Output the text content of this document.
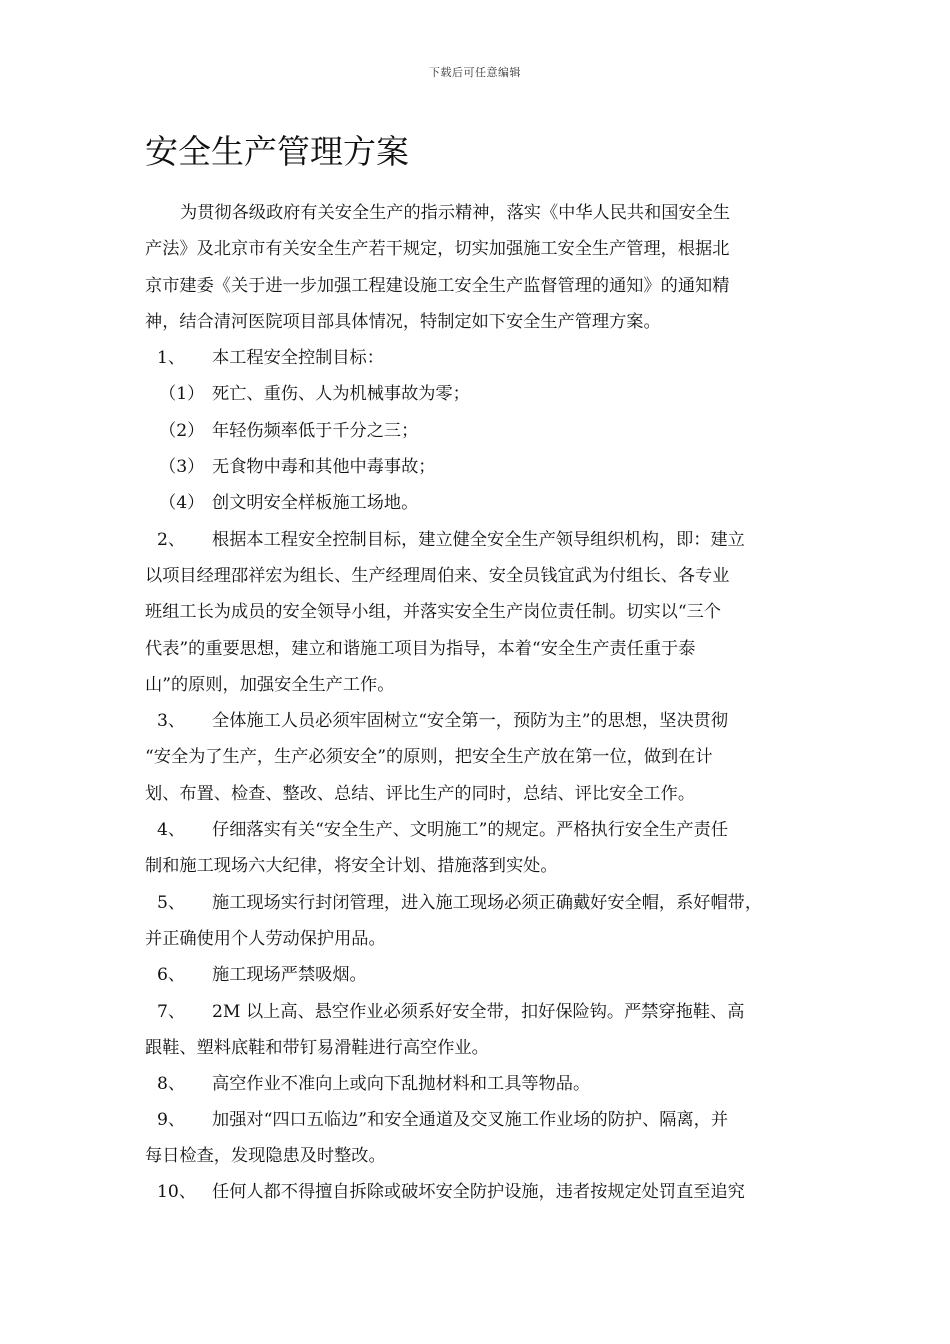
下载后可任意编辑
安全生产管理方案
为贯彻各级政府有关安全生产的指示精神，落实《中华人民共和国安全生
产法》及北京市有关安全生产若干规定，切实加强施工安全生产管理，根据北
京市建委《关于进一步加强工程建设施工安全生产监督管理的通知》的通知精
神，结合清河医院项目部具体情况，特制定如下安全生产管理方案。
1、 本工程安全控制目标：
（1） 死亡、重伤、人为机械事故为零；
（2） 年轻伤频率低于千分之三；
（3） 无食物中毒和其他中毒事故；
（4） 创文明安全样板施工场地。
2、 根据本工程安全控制目标，建立健全安全生产领导组织机构，即：建立
以项目经理邵祥宏为组长、生产经理周伯来、安全员钱宜武为付组长、各专业
班组工长为成员的安全领导小组，并落实安全生产岗位责任制。切实以“三个
代表”的重要思想，建立和谐施工项目为指导，本着“安全生产责任重于泰
山”的原则，加强安全生产工作。
3、 全体施工人员必须牢固树立“安全第一，预防为主”的思想，坚决贯彻
“安全为了生产，生产必须安全”的原则，把安全生产放在第一位，做到在计
划、布置、检查、整改、总结、评比生产的同时，总结、评比安全工作。
4、 仔细落实有关“安全生产、文明施工”的规定。严格执行安全生产责任
制和施工现场六大纪律，将安全计划、措施落到实处。
5、 施工现场实行封闭管理，进入施工现场必须正确戴好安全帽，系好帽带，
并正确使用个人劳动保护用品。
6、 施工现场严禁吸烟。
7、 2M 以上高、悬空作业必须系好安全带，扣好保险钩。严禁穿拖鞋、高
跟鞋、塑料底鞋和带钉易滑鞋进行高空作业。
8、 高空作业不准向上或向下乱抛材料和工具等物品。
9、 加强对“四口五临边”和安全通道及交叉施工作业场的防护、隔离，并
每日检查，发现隐患及时整改。
10、 任何人都不得擅自拆除或破坏安全防护设施，违者按规定处罚直至追究
